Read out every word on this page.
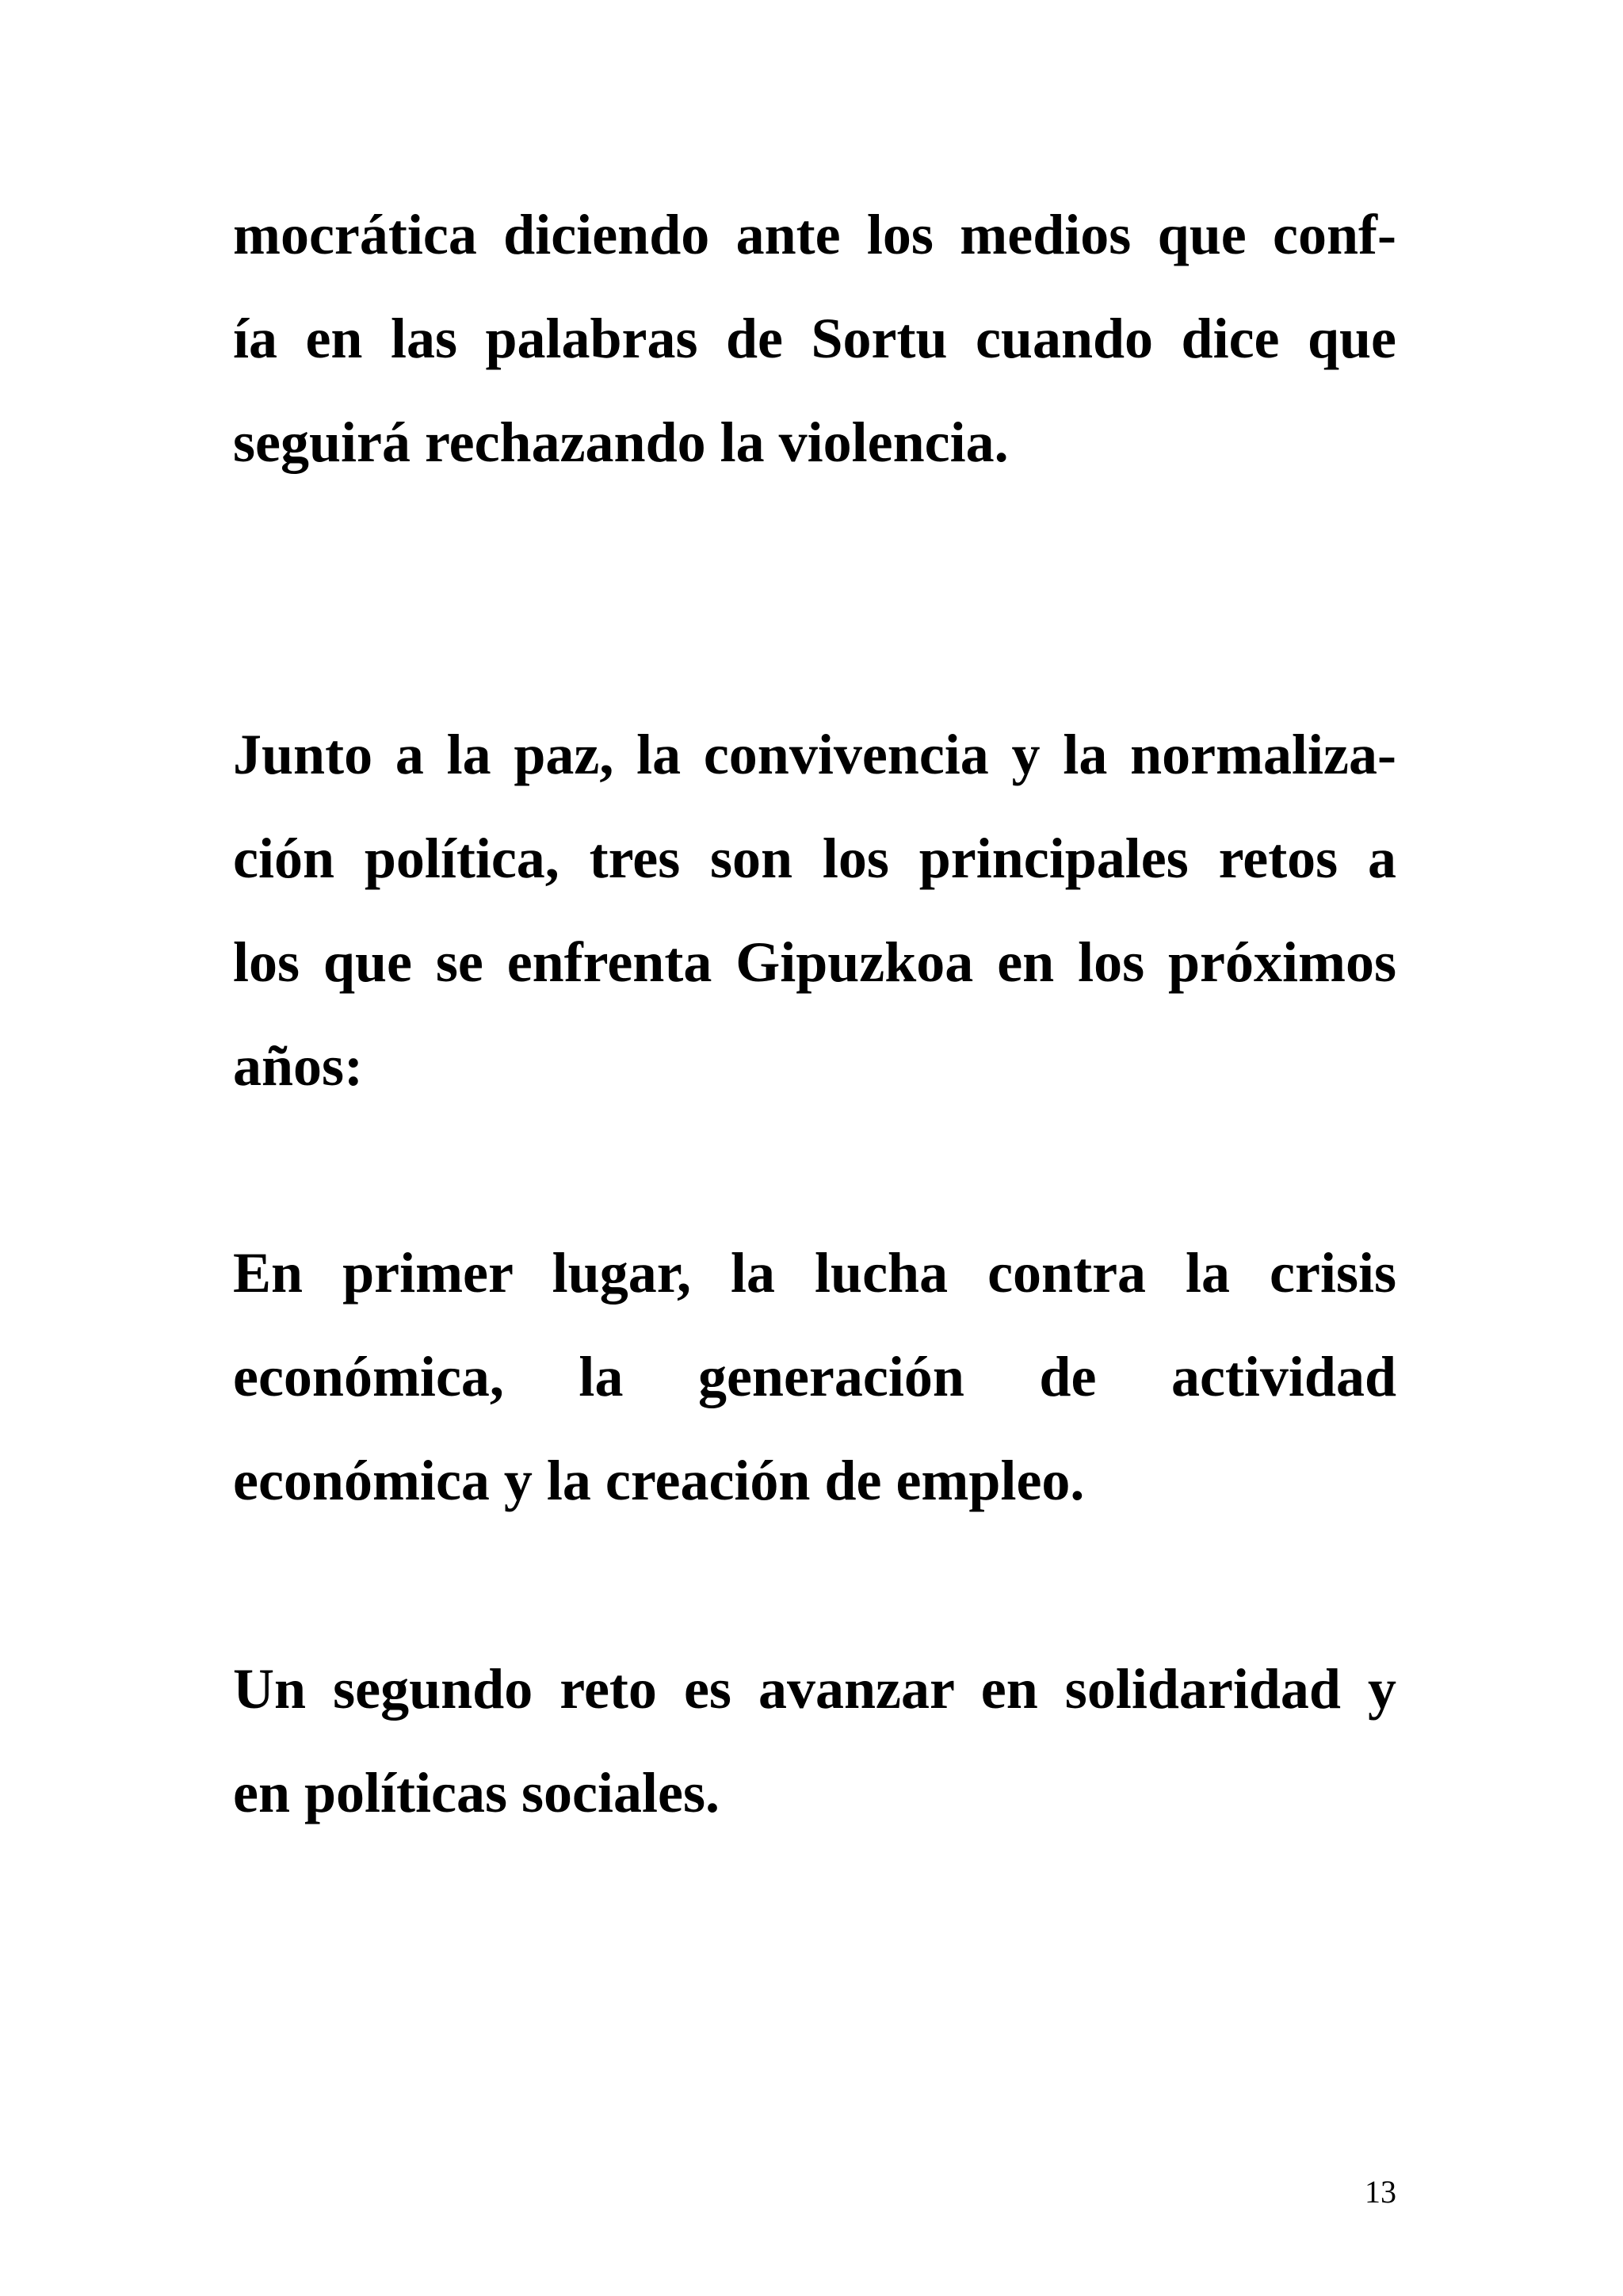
mocrática diciendo ante los medios que conf-
ía en las palabras de Sortu cuando dice que
seguirá rechazando la violencia.
Junto a la paz, la convivencia y la normaliza-
ción política, tres son los principales retos a
los que se enfrenta Gipuzkoa en los próximos
años:
En primer lugar, la lucha contra la crisis
económica, la generación de actividad
económica y la creación de empleo.
Un segundo reto es avanzar en solidaridad y
en políticas sociales.
13
